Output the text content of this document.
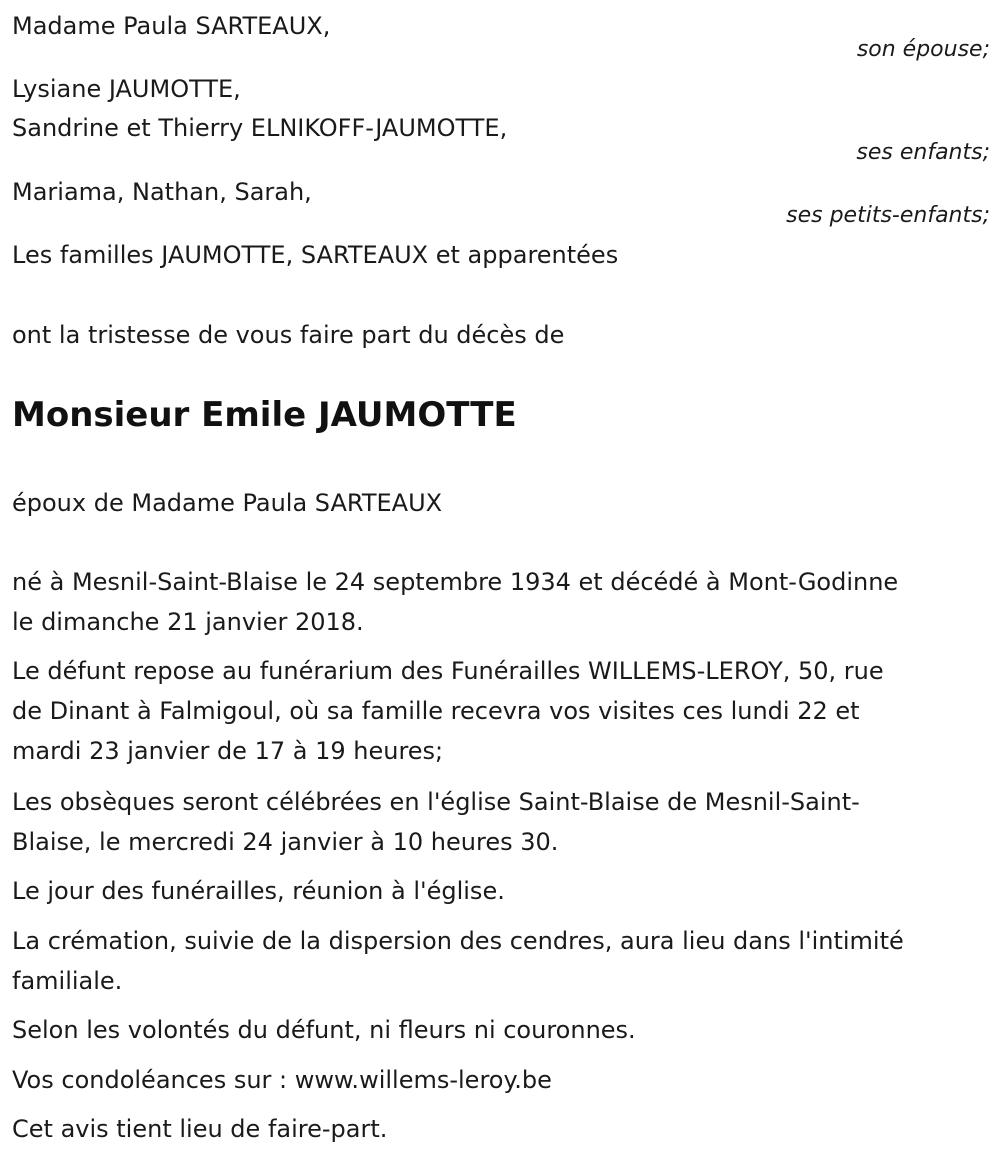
Madame Paula SARTEAUX,
son épouse;
Lysiane JAUMOTTE,
Sandrine et Thierry ELNIKOFF-JAUMOTTE,
ses enfants;
Mariama, Nathan, Sarah,
ses petits-enfants;
Les familles JAUMOTTE, SARTEAUX et apparentées
ont la tristesse de vous faire part du décès de
Monsieur Emile JAUMOTTE
époux de Madame Paula SARTEAUX
né à Mesnil-Saint-Blaise le 24 septembre 1934 et décédé à Mont-Godinne
le dimanche 21 janvier 2018.
Le défunt repose au funérarium des Funérailles WILLEMS-LEROY, 50, rue
de Dinant à Falmigoul, où sa famille recevra vos visites ces lundi 22 et
mardi 23 janvier de 17 à 19 heures;
Les obsèques seront célébrées en l'église Saint-Blaise de Mesnil-Saint-
Blaise, le mercredi 24 janvier à 10 heures 30.
Le jour des funérailles, réunion à l'église.
La crémation, suivie de la dispersion des cendres, aura lieu dans l'intimité
familiale.
Selon les volontés du défunt, ni fleurs ni couronnes.
Vos condoléances sur : www.willems-leroy.be
Cet avis tient lieu de faire-part.
